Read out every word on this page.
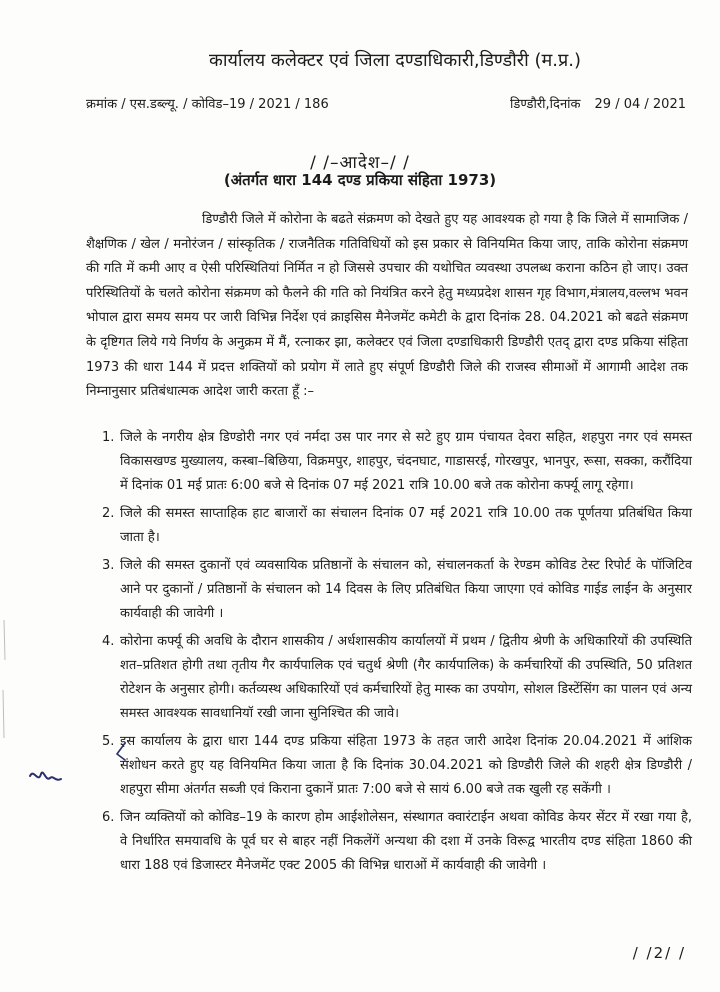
कार्यालय कलेक्टर एवं जिला दण्डाधिकारी,डिण्डौरी (म.प्र.)
क्रमांक / एस.डब्ल्यू. / कोविड–19 / 2021 / 186	डिण्डौरी,दिनांक 29 / 04 / 2021
/ /–आदेश–/ /
(अंतर्गत धारा 144 दण्ड प्रकिया संहिता 1973)

डिण्डौरी जिले में कोरोना के बढते संक्रमण को देखते हुए यह आवश्यक हो गया है कि जिले में सामाजिक / शैक्षणिक / खेल / मनोरंजन / सांस्कृतिक / राजनैतिक गतिविधियों को इस प्रकार से विनियमित किया जाए, ताकि कोरोना संक्रमण की गति में कमी आए व ऐसी परिस्थितियां निर्मित न हो जिससे उपचार की यथोचित व्यवस्था उपलब्ध कराना कठिन हो जाए। उक्त परिस्थितियों के चलते कोरोना संक्रमण को फैलने की गति को नियंत्रित करने हेतु मध्यप्रदेश शासन गृह विभाग,मंत्रालय,वल्लभ भवन भोपाल द्वारा समय समय पर जारी विभिन्न निर्देश एवं क्राइसिस मैनेजमेंट कमेटी के द्वारा दिनांक 28. 04.2021 को बढते संक्रमण के दृष्टिगत लिये गये निर्णय के अनुक्रम में मैं, रत्नाकर झा, कलेक्टर एवं जिला दण्डाधिकारी डिण्डौरी एतद् द्वारा दण्ड प्रकिया संहिता 1973 की धारा 144 में प्रदत्त शक्तियों को प्रयोग में लाते हुए संपूर्ण डिण्डौरी जिले की राजस्व सीमाओं में आगामी आदेश तक निम्नानुसार प्रतिबंधात्मक आदेश जारी करता हूँ :–

1. जिले के नगरीय क्षेत्र डिण्डोरी नगर एवं नर्मदा उस पार नगर से सटे हुए ग्राम पंचायत देवरा सहित, शहपुरा नगर एवं समस्त विकासखण्ड मुख्यालय, कस्बा–बिछिया, विक्रमपुर, शाहपुर, चंदनघाट, गाडासरई, गोरखपुर, भानपुर, रूसा, सक्का, करौंदिया में दिनांक 01 मई प्रातः 6:00 बजे से दिनांक 07 मई 2021 रात्रि 10.00 बजे तक कोरोना कर्फ्यू लागू रहेगा।
2. जिले की समस्त साप्ताहिक हाट बाजारों का संचालन दिनांक 07 मई 2021 रात्रि 10.00 तक पूर्णतया प्रतिबंधित किया जाता है।
3. जिले की समस्त दुकानों एवं व्यवसायिक प्रतिष्ठानों के संचालन को, संचालनकर्ता के रेण्डम कोविड टेस्ट रिपोर्ट के पॉजिटिव आने पर दुकानों / प्रतिष्ठानों के संचालन को 14 दिवस के लिए प्रतिबंधित किया जाएगा एवं कोविड गाईड लाईन के अनुसार कार्यवाही की जावेगी ।
4. कोरोना कर्फ्यू की अवधि के दौरान शासकीय / अर्धशासकीय कार्यालयों में प्रथम / द्वितीय श्रेणी के अधिकारियों की उपस्थिति शत–प्रतिशत होगी तथा तृतीय गैर कार्यपालिक एवं चतुर्थ श्रेणी (गैर कार्यपालिक) के कर्मचारियों की उपस्थिति, 50 प्रतिशत रोटेशन के अनुसार होगी। कर्तव्यस्थ अधिकारियों एवं कर्मचारियों हेतु मास्क का उपयोग, सोशल डिस्टेंसिंग का पालन एवं अन्य समस्त आवश्यक सावधानियॉ रखी जाना सुनिश्चित की जावे।
5. इस कार्यालय के द्वारा धारा 144 दण्ड प्रकिया संहिता 1973 के तहत जारी आदेश दिनांक 20.04.2021 में आंशिक संशोधन करते हुए यह विनियमित किया जाता है कि दिनांक 30.04.2021 को डिण्डौरी जिले की शहरी क्षेत्र डिण्डौरी / शहपुरा सीमा अंतर्गत सब्जी एवं किराना दुकानें प्रातः 7:00 बजे से सायं 6.00 बजे तक खुली रह सकेंगी ।
6. जिन व्यक्तियों को कोविड–19 के कारण होम आईशोलेसन, संस्थागत क्वारंटाईन अथवा कोविड केयर सेंटर में रखा गया है, वे निर्धारित समयावधि के पूर्व घर से बाहर नहीं निकलेंगें अन्यथा की दशा में उनके विरूद्व भारतीय दण्ड संहिता 1860 की धारा 188 एवं डिजास्टर मैनेजमेंट एक्ट 2005 की विभिन्न धाराओं में कार्यवाही की जावेगी ।
/ /2/ /
